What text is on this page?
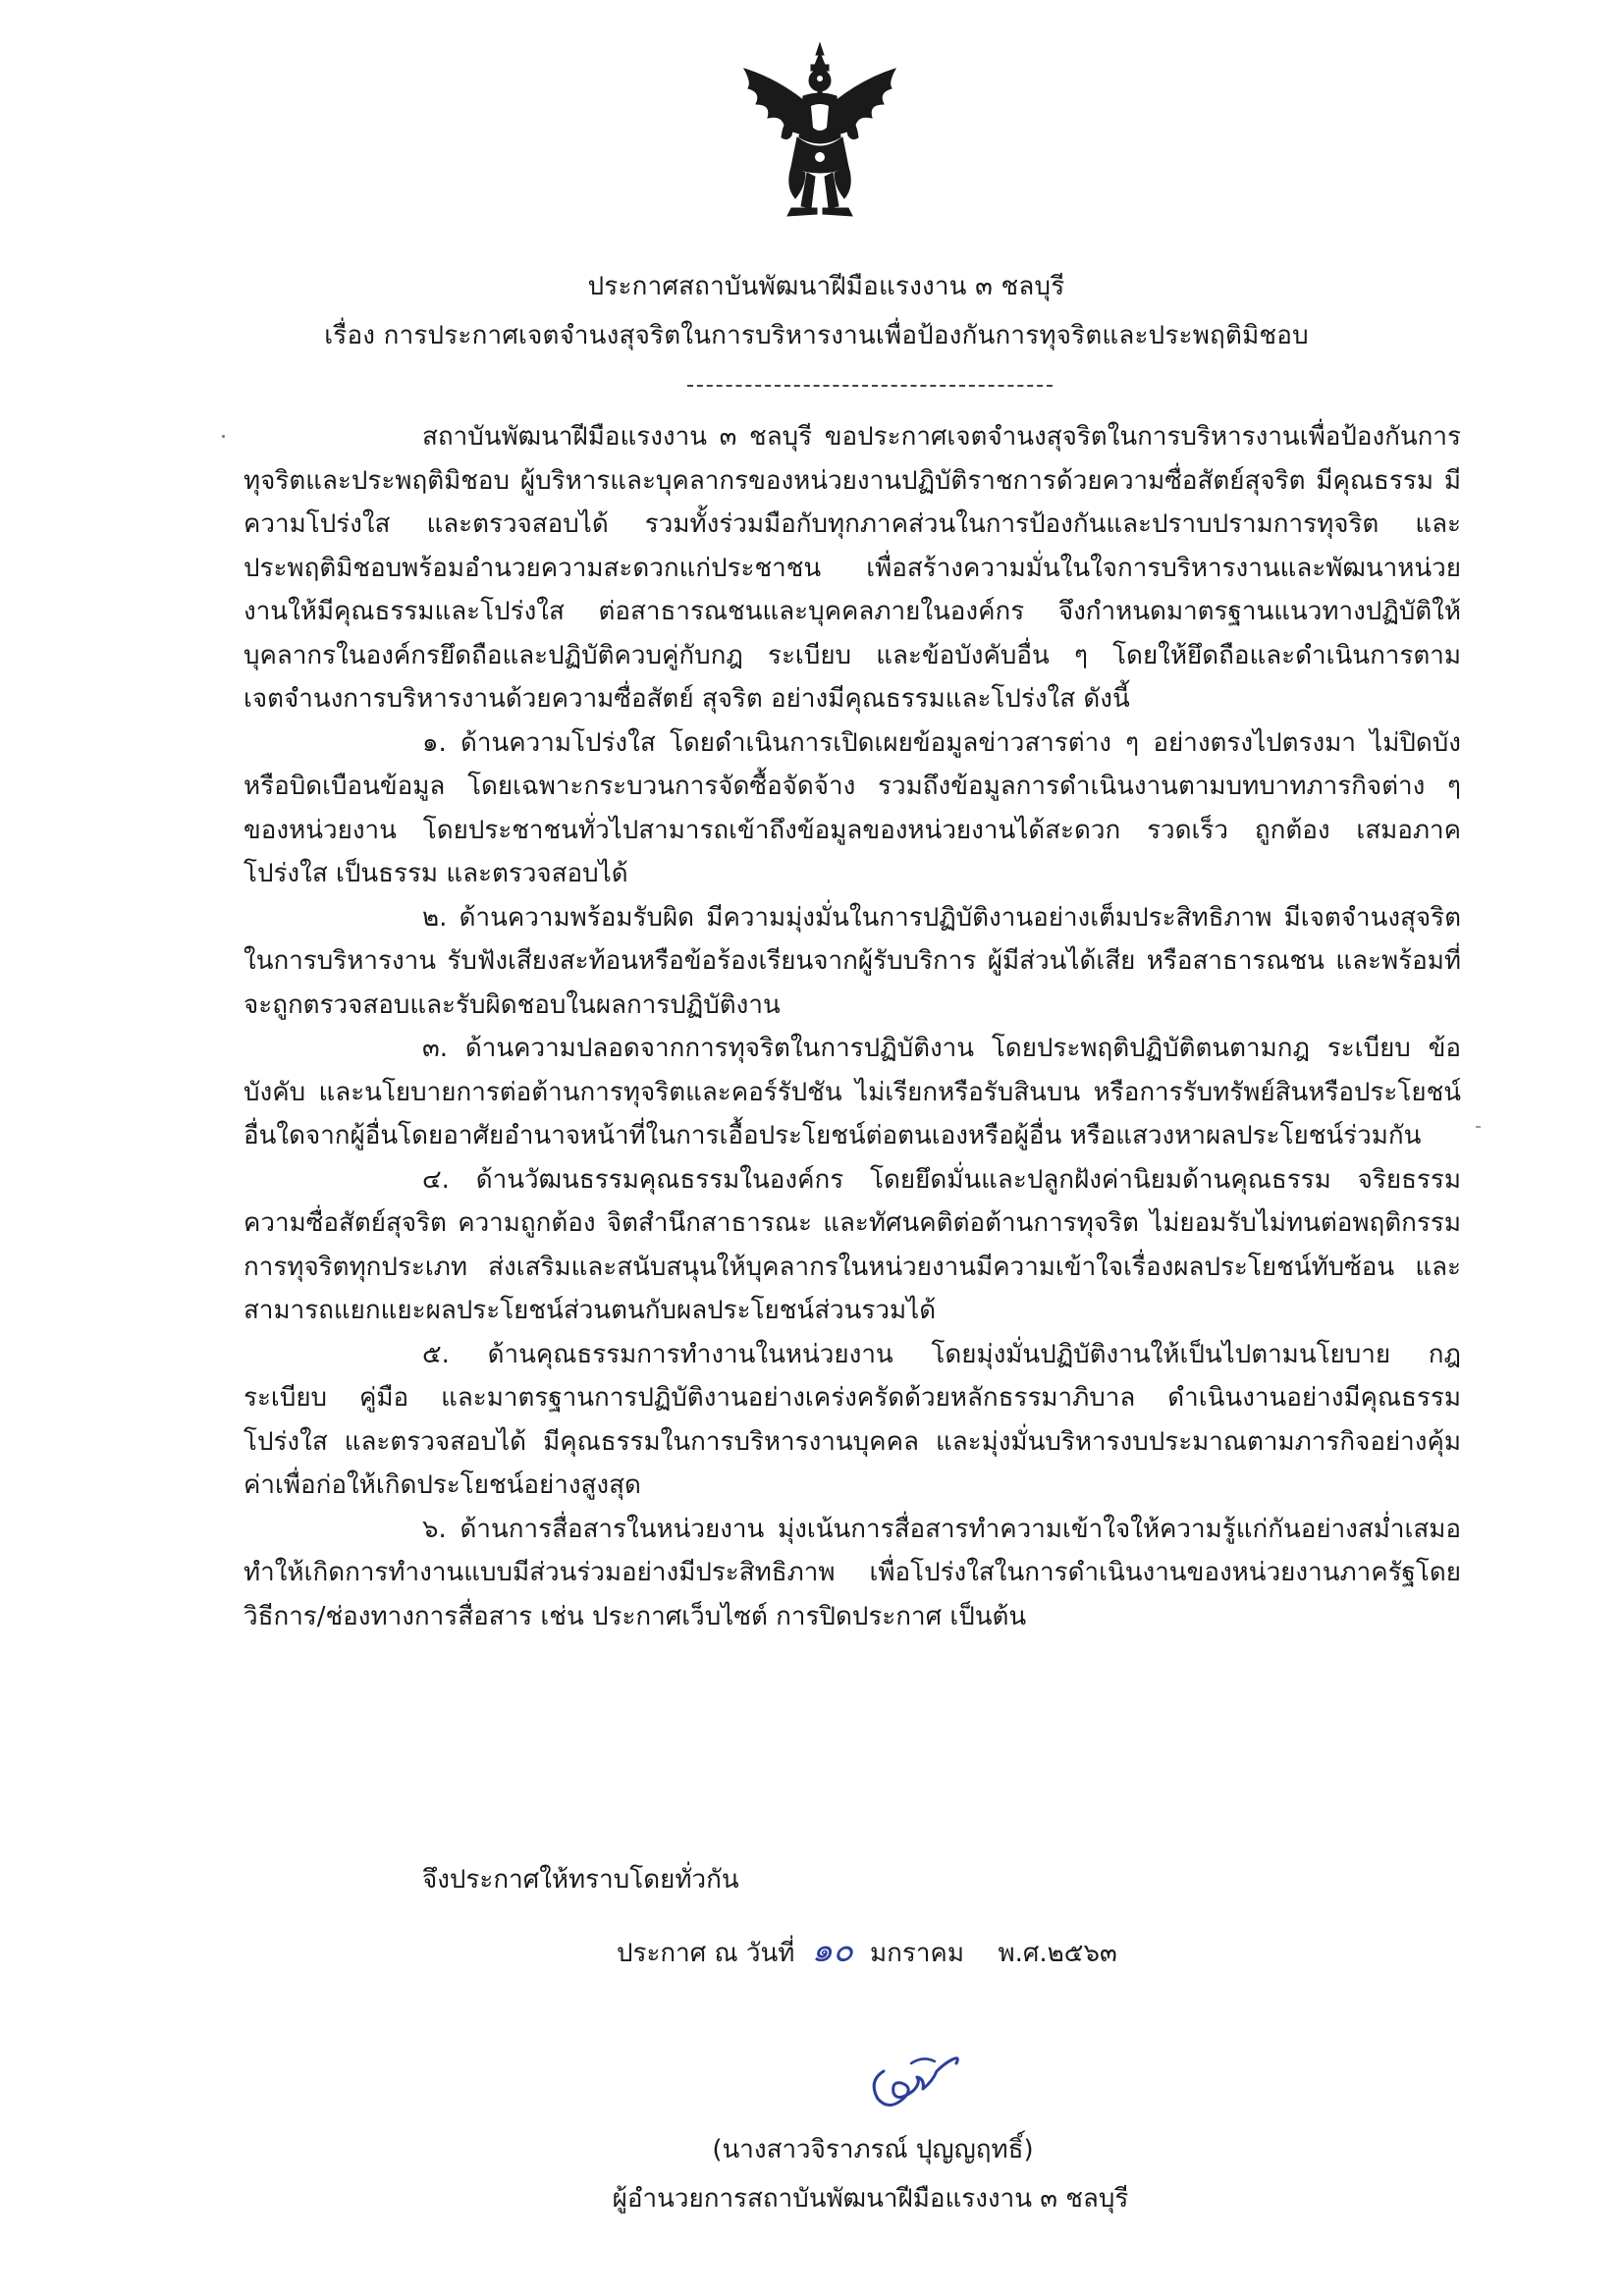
ประกาศสถาบันพัฒนาฝีมือแรงงาน ๓ ชลบุรี
เรื่อง การประกาศเจตจำนงสุจริตในการบริหารงานเพื่อป้องกันการทุจริตและประพฤติมิชอบ

สถาบันพัฒนาฝีมือแรงงาน ๓ ชลบุรี ขอประกาศเจตจำนงสุจริตในการบริหารงานเพื่อป้องกันการทุจริตและประพฤติมิชอบ ผู้บริหารและบุคลากรของหน่วยงานปฏิบัติราชการด้วยความซื่อสัตย์สุจริต มีคุณธรรม มีความโปร่งใส และตรวจสอบได้ รวมทั้งร่วมมือกับทุกภาคส่วนในการป้องกันและปราบปรามการทุจริต และประพฤติมิชอบพร้อมอำนวยความสะดวกแก่ประชาชน เพื่อสร้างความมั่นในใจการบริหารงานและพัฒนาหน่วยงานให้มีคุณธรรมและโปร่งใส ต่อสาธารณชนและบุคคลภายในองค์กร จึงกำหนดมาตรฐานแนวทางปฏิบัติให้บุคลากรในองค์กรยึดถือและปฏิบัติควบคู่กับกฎ ระเบียบ และข้อบังคับอื่น ๆ โดยให้ยึดถือและดำเนินการตามเจตจำนงการบริหารงานด้วยความซื่อสัตย์ สุจริต อย่างมีคุณธรรมและโปร่งใส ดังนี้

๑. ด้านความโปร่งใส โดยดำเนินการเปิดเผยข้อมูลข่าวสารต่าง ๆ อย่างตรงไปตรงมา ไม่ปิดบัง หรือบิดเบือนข้อมูล โดยเฉพาะกระบวนการจัดซื้อจัดจ้าง รวมถึงข้อมูลการดำเนินงานตามบทบาทภารกิจต่าง ๆ ของหน่วยงาน โดยประชาชนทั่วไปสามารถเข้าถึงข้อมูลของหน่วยงานได้สะดวก รวดเร็ว ถูกต้อง เสมอภาค โปร่งใส เป็นธรรม และตรวจสอบได้

๒. ด้านความพร้อมรับผิด มีความมุ่งมั่นในการปฏิบัติงานอย่างเต็มประสิทธิภาพ มีเจตจำนงสุจริตในการบริหารงาน รับฟังเสียงสะท้อนหรือข้อร้องเรียนจากผู้รับบริการ ผู้มีส่วนได้เสีย หรือสาธารณชน และพร้อมที่จะถูกตรวจสอบและรับผิดชอบในผลการปฏิบัติงาน

๓. ด้านความปลอดจากการทุจริตในการปฏิบัติงาน โดยประพฤติปฏิบัติตนตามกฎ ระเบียบ ข้อบังคับ และนโยบายการต่อต้านการทุจริตและคอร์รัปชัน ไม่เรียกหรือรับสินบน หรือการรับทรัพย์สินหรือประโยชน์อื่นใดจากผู้อื่นโดยอาศัยอำนาจหน้าที่ในการเอื้อประโยชน์ต่อตนเองหรือผู้อื่น หรือแสวงหาผลประโยชน์ร่วมกัน

๔. ด้านวัฒนธรรมคุณธรรมในองค์กร โดยยึดมั่นและปลูกฝังค่านิยมด้านคุณธรรม จริยธรรม ความซื่อสัตย์สุจริต ความถูกต้อง จิตสำนึกสาธารณะ และทัศนคติต่อต้านการทุจริต ไม่ยอมรับไม่ทนต่อพฤติกรรมการทุจริตทุกประเภท ส่งเสริมและสนับสนุนให้บุคลากรในหน่วยงานมีความเข้าใจเรื่องผลประโยชน์ทับซ้อน และสามารถแยกแยะผลประโยชน์ส่วนตนกับผลประโยชน์ส่วนรวมได้

๕. ด้านคุณธรรมการทำงานในหน่วยงาน โดยมุ่งมั่นปฏิบัติงานให้เป็นไปตามนโยบาย กฎ ระเบียบ คู่มือ และมาตรฐานการปฏิบัติงานอย่างเคร่งครัดด้วยหลักธรรมาภิบาล ดำเนินงานอย่างมีคุณธรรม โปร่งใส และตรวจสอบได้ มีคุณธรรมในการบริหารงานบุคคล และมุ่งมั่นบริหารงบประมาณตามภารกิจอย่างคุ้มค่าเพื่อก่อให้เกิดประโยชน์อย่างสูงสุด

๖. ด้านการสื่อสารในหน่วยงาน มุ่งเน้นการสื่อสารทำความเข้าใจให้ความรู้แก่กันอย่างสม่ำเสมอทำให้เกิดการทำงานแบบมีส่วนร่วมอย่างมีประสิทธิภาพ เพื่อโปร่งใสในการดำเนินงานของหน่วยงานภาครัฐโดยวิธีการ/ช่องทางการสื่อสาร เช่น ประกาศเว็บไซต์ การปิดประกาศ เป็นต้น

จึงประกาศให้ทราบโดยทั่วกัน
ประกาศ ณ วันที่ ๑๐ มกราคม พ.ศ.๒๕๖๓
(นางสาวจิราภรณ์ ปุญญฤทธิ์)
ผู้อำนวยการสถาบันพัฒนาฝีมือแรงงาน ๓ ชลบุรี
